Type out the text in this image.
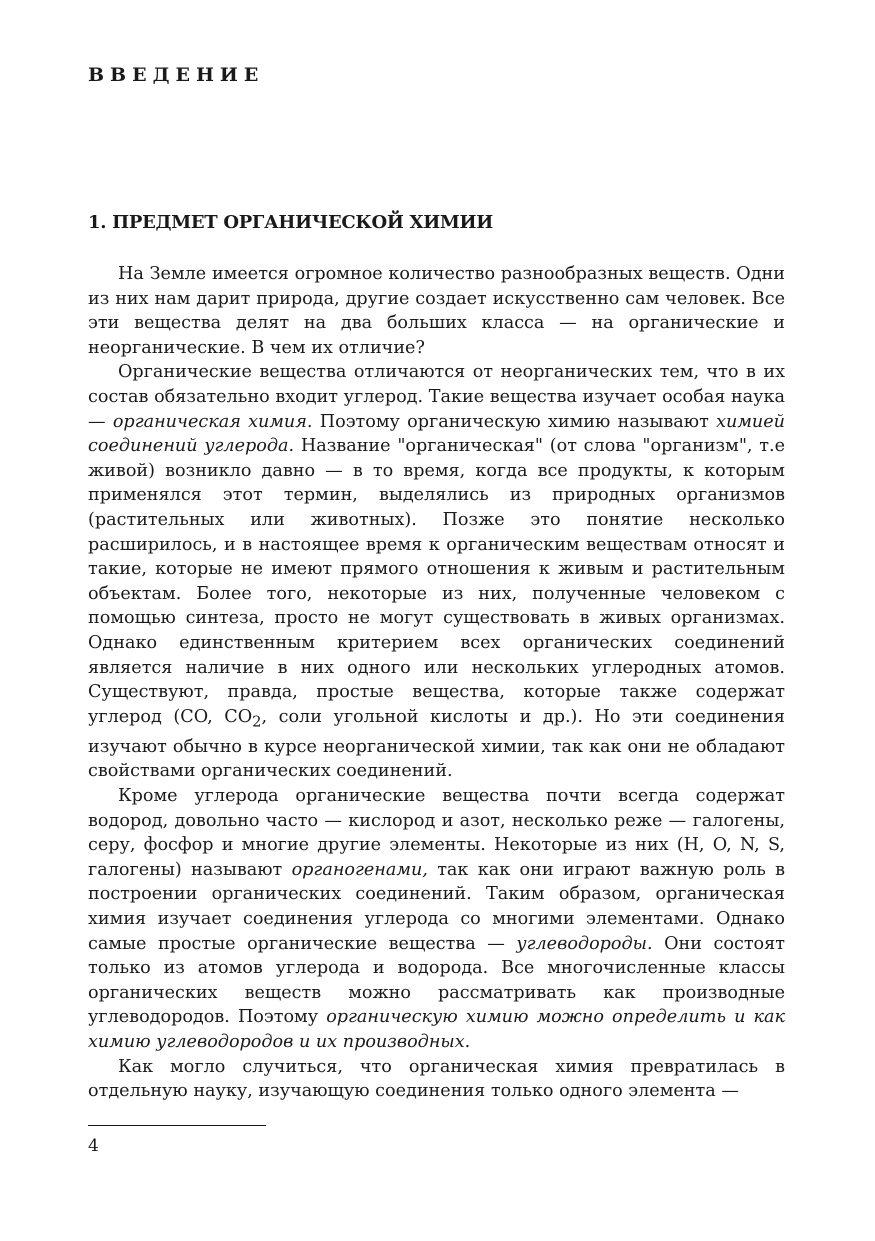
ВВЕДЕНИЕ
1. ПРЕДМЕТ ОРГАНИЧЕСКОЙ ХИМИИ

На Земле имеется огромное количество разнообразных веществ. Одни из них нам дарит природа, другие создает искусственно сам человек. Все эти вещества делят на два больших класса — на органические и неорганические. В чем их отличие?

Органические вещества отличаются от неорганических тем, что в их состав обязательно входит углерод. Такие вещества изучает особая наука — органическая химия. Поэтому органическую химию называют химией соединений углерода. Название "органическая" (от слова "организм", т.е живой) возникло давно — в то время, когда все продукты, к которым применялся этот термин, выделялись из природных организмов (растительных или животных). Позже это понятие несколько расширилось, и в настоящее время к органическим веществам относят и такие, которые не имеют прямого отношения к живым и растительным объектам. Более того, некоторые из них, полученные человеком с помощью синтеза, просто не могут существовать в живых организмах. Однако единственным критерием всех органических соединений является наличие в них одного или нескольких углеродных атомов. Существуют, правда, простые вещества, которые также содержат углерод (CO, $CO_2$, соли угольной кислоты и др.). Но эти соединения изучают обычно в курсе неорганической химии, так как они не обладают свойствами органических соединений.

Кроме углерода органические вещества почти всегда содержат водород, довольно часто — кислород и азот, несколько реже — галогены, серу, фосфор и многие другие элементы. Некоторые из них (H, O, N, S, галогены) называют органогенами, так как они играют важную роль в построении органических соединений. Таким образом, органическая химия изучает соединения углерода со многими элементами. Однако самые простые органические вещества — углеводороды. Они состоят только из атомов углерода и водорода. Все многочисленные классы органических веществ можно рассматривать как производные углеводородов. Поэтому органическую химию можно определить и как химию углеводородов и их производных.

Как могло случиться, что органическая химия превратилась в отдельную науку, изучающую соединения только одного элемента —

4
